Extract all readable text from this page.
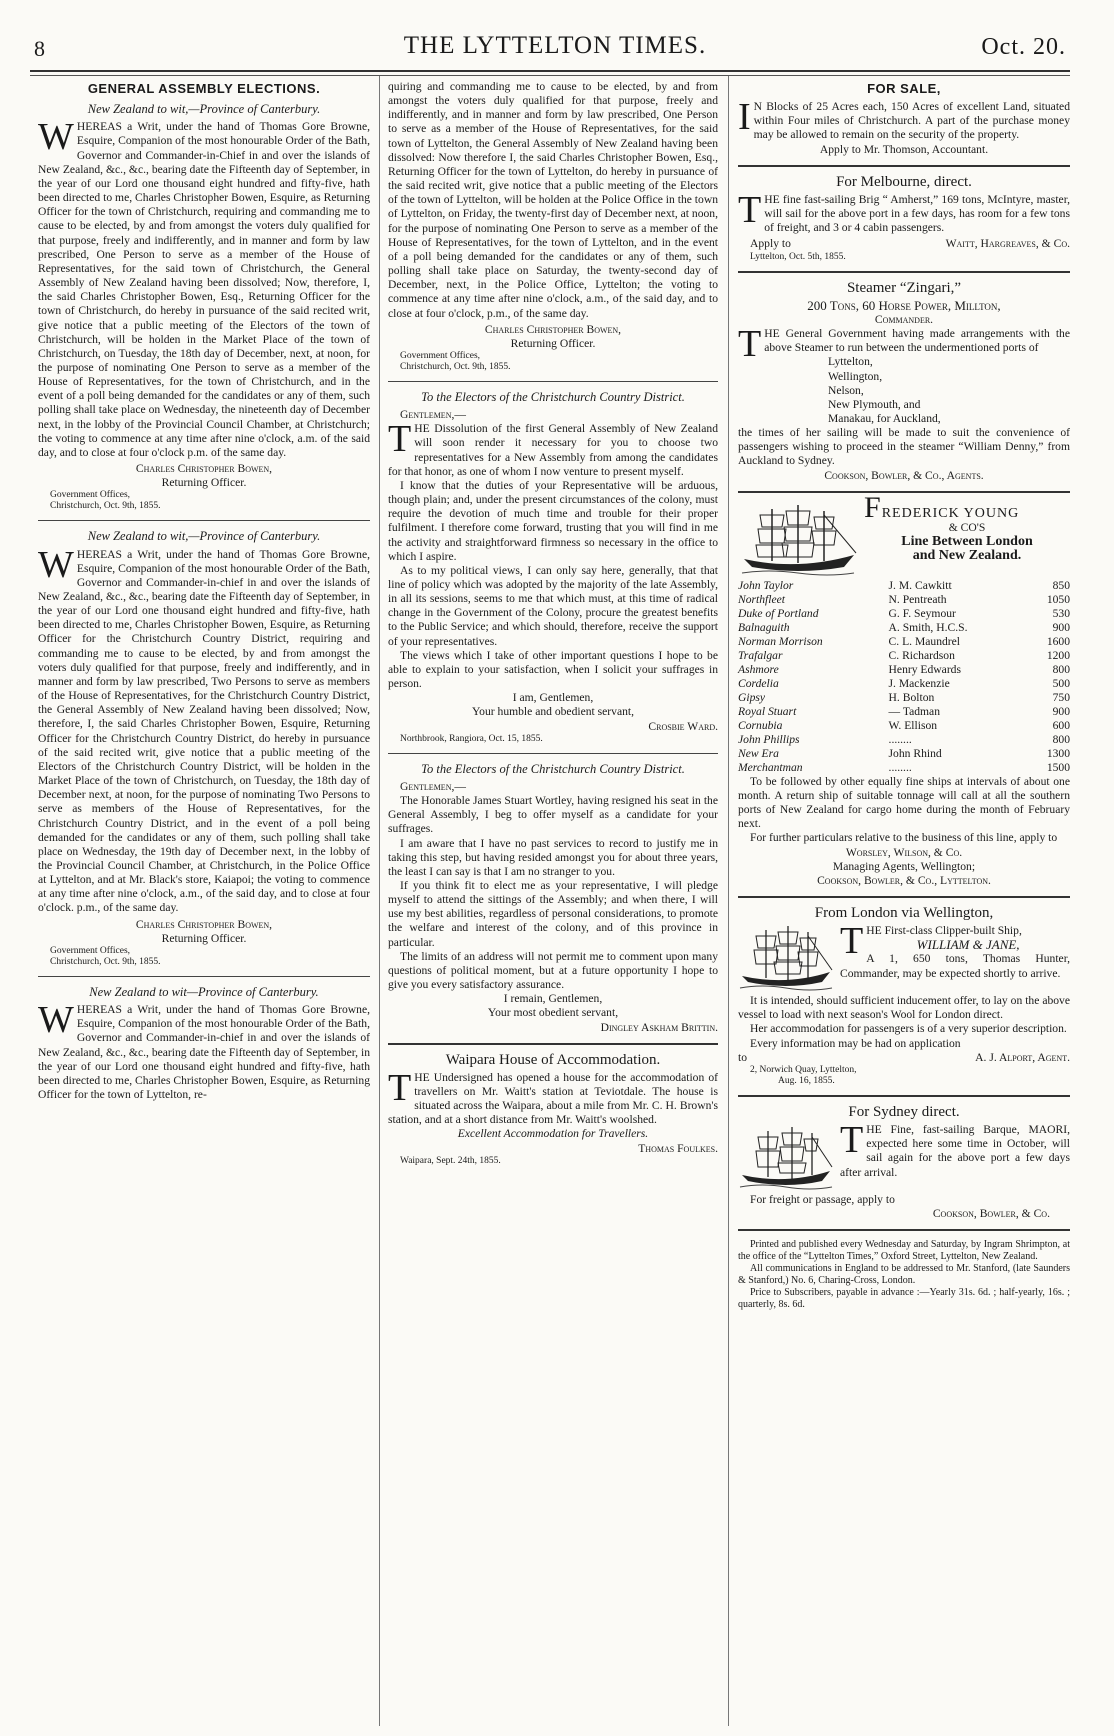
8	THE LYTTELTON TIMES.	Oct. 20.
GENERAL ASSEMBLY ELECTIONS.
New Zealand to wit,—Province of Canterbury.

WHEREAS a Writ, under the hand of Thomas Gore Browne, Esquire, Companion of the most honourable Order of the Bath, Governor and Commander-in-Chief in and over the islands of New Zealand, &c., &c., bearing date the Fifteenth day of September, in the year of our Lord one thousand eight hundred and fifty-five, hath been directed to me, Charles Christopher Bowen, Esquire, as Returning Officer for the town of Christchurch, requiring and commanding me to cause to be elected, by and from amongst the voters duly qualified for that purpose, freely and indifferently, and in manner and form by law prescribed, One Person to serve as a member of the House of Representatives, for the said town of Christchurch, the General Assembly of New Zealand having been dissolved; Now, therefore, I, the said Charles Christopher Bowen, Esq., Returning Officer for the town of Christchurch, do hereby in pursuance of the said recited writ, give notice that a public meeting of the Electors of the town of Christchurch, will be holden in the Market Place of the town of Christchurch, on Tuesday, the 18th day of December, next, at noon, for the purpose of nominating One Person to serve as a member of the House of Representatives, for the town of Christchurch, and in the event of a poll being demanded for the candidates or any of them, such polling shall take place on Wednesday, the nineteenth day of December next, in the lobby of the Provincial Council Chamber, at Christchurch; the voting to commence at any time after nine o'clock, a.m. of the said day, and to close at four o'clock p.m. of the same day.

Charles Christopher Bowen,
Returning Officer.
Government Offices,
Christchurch, Oct. 9th, 1855.
New Zealand to wit,—Province of Canterbury.

WHEREAS a Writ, under the hand of Thomas Gore Browne, Esquire, Companion of the most honourable Order of the Bath, Governor and Commander-in-chief in and over the islands of New Zealand, &c., &c., bearing date the Fifteenth day of September, in the year of our Lord one thousand eight hundred and fifty-five, hath been directed to me, Charles Christopher Bowen, Esquire, as Returning Officer for the Christchurch Country District, requiring and commanding me to cause to be elected, by and from amongst the voters duly qualified for that purpose, freely and indifferently, and in manner and form by law prescribed, Two Persons to serve as members of the House of Representatives, for the Christchurch Country District, the General Assembly of New Zealand having been dissolved; Now, therefore, I, the said Charles Christopher Bowen, Esquire, Returning Officer for the Christchurch Country District, do hereby in pursuance of the said recited writ, give notice that a public meeting of the Electors of the Christchurch Country District, will be holden in the Market Place of the town of Christchurch, on Tuesday, the 18th day of December next, at noon, for the purpose of nominating Two Persons to serve as members of the House of Representatives, for the Christchurch Country District, and in the event of a poll being demanded for the candidates or any of them, such polling shall take place on Wednesday, the 19th day of December next, in the lobby of the Provincial Council Chamber, at Christchurch, in the Police Office at Lyttelton, and at Mr. Black's store, Kaiapoi; the voting to commence at any time after nine o'clock, a.m., of the said day, and to close at four o'clock. p.m., of the same day.

Charles Christopher Bowen,
Returning Officer.
Government Offices,
Christchurch, Oct. 9th, 1855.
New Zealand to wit—Province of Canterbury.

WHEREAS a Writ, under the hand of Thomas Gore Browne, Esquire, Companion of the most honourable Order of the Bath, Governor and Commander-in-chief in and over the islands of New Zealand, &c., &c., bearing date the Fifteenth day of September, in the year of our Lord one thousand eight hundred and fifty-five, hath been directed to me, Charles Christopher Bowen, Esquire, as Returning Officer for the town of Lyttelton, re-

quiring and commanding me to cause to be elected, by and from amongst the voters duly qualified for that purpose, freely and indifferently, and in manner and form by law prescribed, One Person to serve as a member of the House of Representatives, for the said town of Lyttelton, the General Assembly of New Zealand having been dissolved: Now therefore I, the said Charles Christopher Bowen, Esq., Returning Officer for the town of Lyttelton, do hereby in pursuance of the said recited writ, give notice that a public meeting of the Electors of the town of Lyttelton, will be holden at the Police Office in the town of Lyttelton, on Friday, the twenty-first day of December next, at noon, for the purpose of nominating One Person to serve as a member of the House of Representatives, for the town of Lyttelton, and in the event of a poll being demanded for the candidates or any of them, such polling shall take place on Saturday, the twenty-second day of December, next, in the Police Office, Lyttelton; the voting to commence at any time after nine o'clock, a.m., of the said day, and to close at four o'clock, p.m., of the same day.

Charles Christopher Bowen,
Returning Officer.
Government Offices,
Christchurch, Oct. 9th, 1855.
To the Electors of the Christchurch Country District.

Gentlemen,—

THE Dissolution of the first General Assembly of New Zealand will soon render it necessary for you to choose two representatives for a New Assembly from among the candidates for that honor, as one of whom I now venture to present myself.

I know that the duties of your Representative will be arduous, though plain; and, under the present circumstances of the colony, must require the devotion of much time and trouble for their proper fulfilment. I therefore come forward, trusting that you will find in me the activity and straightforward firmness so necessary in the office to which I aspire.

As to my political views, I can only say here, generally, that that line of policy which was adopted by the majority of the late Assembly, in all its sessions, seems to me that which must, at this time of radical change in the Government of the Colony, procure the greatest benefits to the Public Service; and which should, therefore, receive the support of your representatives.

The views which I take of other important questions I hope to be able to explain to your satisfaction, when I solicit your suffrages in person.

I am, Gentlemen,

Your humble and obedient servant,

Crosbie Ward.

Northbrook, Rangiora, Oct. 15, 1855.
To the Electors of the Christchurch Country District.

Gentlemen,—

The Honorable James Stuart Wortley, having resigned his seat in the General Assembly, I beg to offer myself as a candidate for your suffrages.

I am aware that I have no past services to record to justify me in taking this step, but having resided amongst you for about three years, the least I can say is that I am no stranger to you.

If you think fit to elect me as your representative, I will pledge myself to attend the sittings of the Assembly; and when there, I will use my best abilities, regardless of personal considerations, to promote the welfare and interest of the colony, and of this province in particular.

The limits of an address will not permit me to comment upon many questions of political moment, but at a future opportunity I hope to give you every satisfactory assurance.

I remain, Gentlemen,

Your most obedient servant,

Dingley Askham Brittin.

Waipara House of Accommodation.

THE Undersigned has opened a house for the accommodation of travellers on Mr. Waitt's station at Teviotdale. The house is situated across the Waipara, about a mile from Mr. C. H. Brown's station, and at a short distance from Mr. Waitt's woolshed.

Excellent Accommodation for Travellers.

Thomas Foulkes.

Waipara, Sept. 24th, 1855.
FOR SALE,

I N Blocks of 25 Acres each, 150 Acres of excellent Land, situated within Four miles of Christchurch. A part of the purchase money may be allowed to remain on the security of the property.

Apply to Mr. Thomson, Accountant.

For Melbourne, direct.

THE fine fast-sailing Brig “ Amherst,” 169 tons, McIntyre, master, will sail for the above port in a few days, has room for a few tons of freight, and 3 or 4 cabin passengers.

Apply to	Waitt, Hargreaves, & Co.

Lyttelton, Oct. 5th, 1855.
Steamer “Zingari,”

200 Tons, 60 Horse Power, Millton,

Commander.

THE General Government having made arrangements with the above Steamer to run between the undermentioned ports of

Lyttelton,
Wellington,
Nelson,
New Plymouth, and
Manakau, for Auckland,

the times of her sailing will be made to suit the convenience of passengers wishing to proceed in the steamer “William Denny,” from Auckland to Sydney.

Cookson, Bowler, & Co., Agents.

FREDERICK YOUNG
& CO'S
Line Between London
and New Zealand.
John Taylor	J. M. Cawkitt	850
Northfleet	N. Pentreath	1050
Duke of Portland	G. F. Seymour	530
Balnaguith	A. Smith, H.C.S.	900
Norman Morrison	C. L. Maundrel	1600
Trafalgar	C. Richardson	1200
Ashmore	Henry Edwards	800
Cordelia	J. Mackenzie	500
Gipsy	H. Bolton	750
Royal Stuart	— Tadman	900
Cornubia	W. Ellison	600
John Phillips	........	800
New Era	John Rhind	1300
Merchantman	........	1500

To be followed by other equally fine ships at intervals of about one month. A return ship of suitable tonnage will call at all the southern ports of New Zealand for cargo home during the month of February next.

For further particulars relative to the business of this line, apply to

Worsley, Wilson, & Co.

Managing Agents, Wellington;

Cookson, Bowler, & Co., Lyttelton.

From London via Wellington,

THE First-class Clipper-built Ship,

WILLIAM & JANE,

A 1, 650 tons, Thomas Hunter, Commander, may be expected shortly to arrive.

It is intended, should sufficient inducement offer, to lay on the above vessel to load with next season's Wool for London direct.

Her accommodation for passengers is of a very superior description.

Every information may be had on application

to	A. J. Alport, Agent.

2, Norwich Quay, Lyttelton,
Aug. 16, 1855.
For Sydney direct.

THE Fine, fast-sailing Barque, MAORI, expected here some time in October, will sail again for the above port a few days after arrival.

For freight or passage, apply to

Cookson, Bowler, & Co.

Printed and published every Wednesday and Saturday, by Ingram Shrimpton, at the office of the “Lyttelton Times,” Oxford Street, Lyttelton, New Zealand.

All communications in England to be addressed to Mr. Stanford, (late Saunders & Stanford,) No. 6, Charing-Cross, London.

Price to Subscribers, payable in advance :—Yearly 31s. 6d. ; half-yearly, 16s. ; quarterly, 8s. 6d.
